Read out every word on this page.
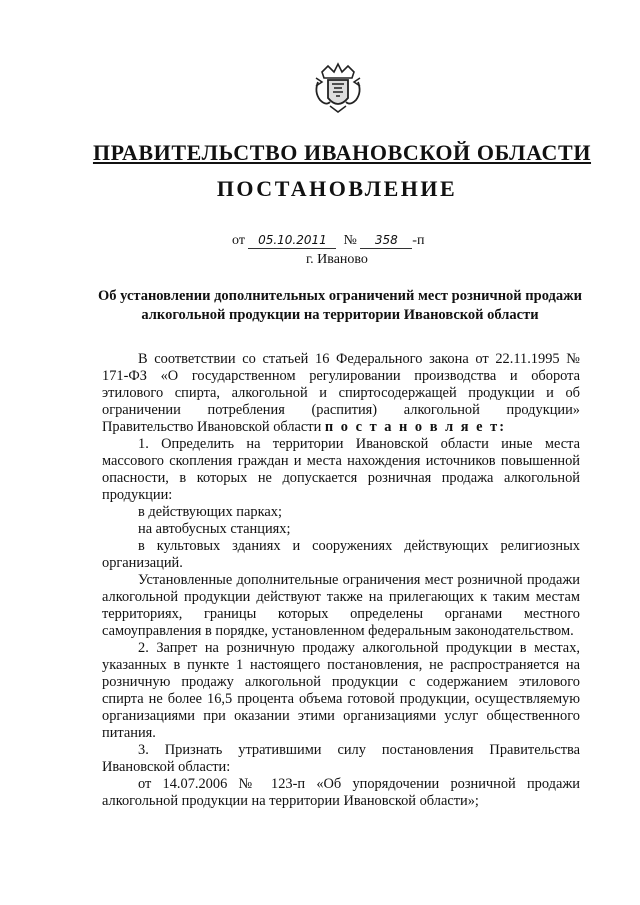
ПРАВИТЕЛЬСТВО ИВАНОВСКОЙ ОБЛАСТИ
ПОСТАНОВЛЕНИЕ
от 05.10.2011 № 358 -п
г. Иваново
Об установлении дополнительных ограничений мест розничной продажи алкогольной продукции на территории Ивановской области

В соответствии со статьей 16 Федерального закона от 22.11.1995 № 171-ФЗ «О государственном регулировании производства и оборота этилового спирта, алкогольной и спиртосодержащей продукции и об ограничении потребления (распития) алкогольной продукции» Правительство Ивановской области п о с т а н о в л я е т:

1. Определить на территории Ивановской области иные места массового скопления граждан и места нахождения источников повышенной опасности, в которых не допускается розничная продажа алкогольной продукции:

в действующих парках;

на автобусных станциях;

в культовых зданиях и сооружениях действующих религиозных организаций.

Установленные дополнительные ограничения мест розничной продажи алкогольной продукции действуют также на прилегающих к таким местам территориях, границы которых определены органами местного самоуправления в порядке, установленном федеральным законодательством.

2. Запрет на розничную продажу алкогольной продукции в местах, указанных в пункте 1 настоящего постановления, не распространяется на розничную продажу алкогольной продукции с содержанием этилового спирта не более 16,5 процента объема готовой продукции, осуществляемую организациями при оказании этими организациями услуг общественного питания.

3. Признать утратившими силу постановления Правительства Ивановской области:

от 14.07.2006 № 123-п «Об упорядочении розничной продажи алкогольной продукции на территории Ивановской области»;
